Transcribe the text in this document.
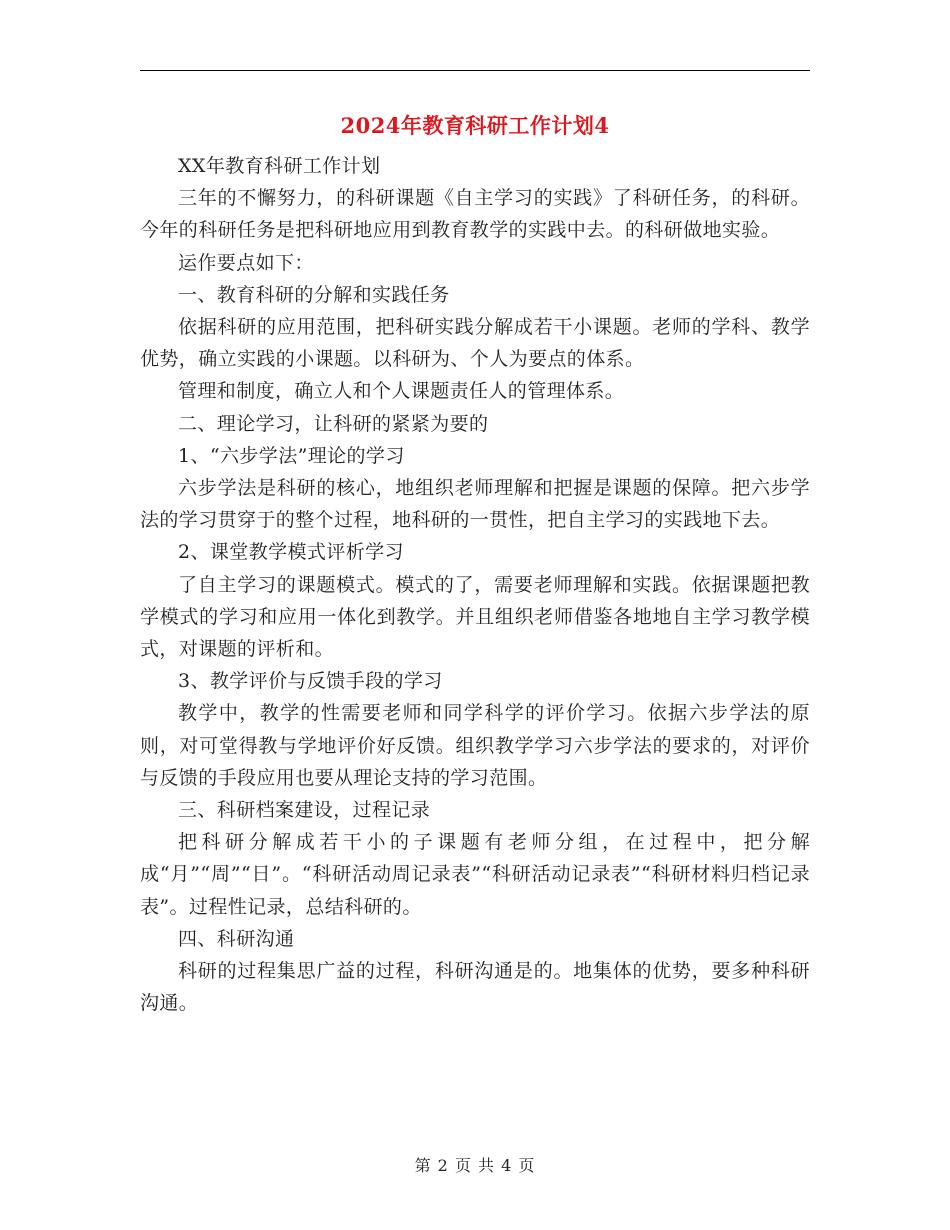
2024年教育科研工作计划4

XX年教育科研工作计划

三年的不懈努力，的科研课题《自主学习的实践》了科研任务，的科研。今年的科研任务是把科研地应用到教育教学的实践中去。的科研做地实验。

运作要点如下：

一、教育科研的分解和实践任务

依据科研的应用范围，把科研实践分解成若干小课题。老师的学科、教学优势，确立实践的小课题。以科研为、个人为要点的体系。

管理和制度，确立人和个人课题责任人的管理体系。

二、理论学习，让科研的紧紧为要的

1、“六步学法”理论的学习

六步学法是科研的核心，地组织老师理解和把握是课题的保障。把六步学法的学习贯穿于的整个过程，地科研的一贯性，把自主学习的实践地下去。

2、课堂教学模式评析学习

了自主学习的课题模式。模式的了，需要老师理解和实践。依据课题把教学模式的学习和应用一体化到教学。并且组织老师借鉴各地地自主学习教学模式，对课题的评析和。

3、教学评价与反馈手段的学习

教学中，教学的性需要老师和同学科学的评价学习。依据六步学法的原则，对可堂得教与学地评价好反馈。组织教学学习六步学法的要求的，对评价与反馈的手段应用也要从理论支持的学习范围。

三、科研档案建设，过程记录

把科研分解成若干小的子课题有老师分组，在过程中，把分解成“月”“周”“日”。“科研活动周记录表”“科研活动记录表”“科研材料归档记录表”。过程性记录，总结科研的。

四、科研沟通

科研的过程集思广益的过程，科研沟通是的。地集体的优势，要多种科研沟通。

第 2 页 共 4 页
